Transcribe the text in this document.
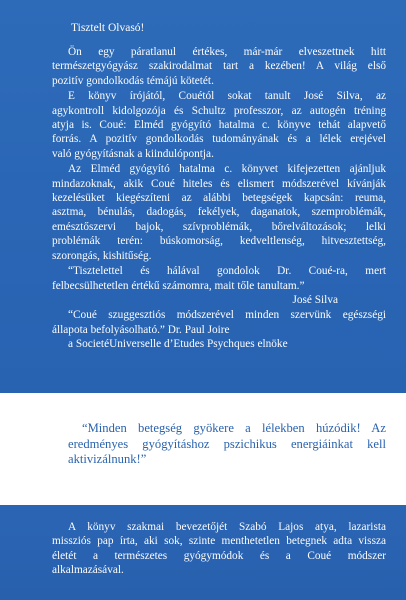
Tisztelt Olvasó!
Ön egy páratlanul értékes, már-már elveszettnek hitt
természetgyógyász szakirodalmat tart a kezében! A világ első
pozitív gondolkodás témájú kötetét.
E könyv írójától, Couétól sokat tanult José Silva, az
agykontroll kidolgozója és Schultz professzor, az autogén tréning
atyja is. Coué: Elméd gyógyító hatalma c. könyve tehát alapvető
forrás. A pozitív gondolkodás tudományának és a lélek erejével
való gyógyításnak a kiindulópontja.
Az Elméd gyógyító hatalma c. könyvet kifejezetten ajánljuk
mindazoknak, akik Coué hiteles és elismert módszerével kívánják
kezelésüket kiegészíteni az alábbi betegségek kapcsán: reuma,
asztma, bénulás, dadogás, fekélyek, daganatok, szemproblémák,
emésztőszervi bajok, szívproblémák, bőrelváltozások; lelki
problémák terén: búskomorság, kedveltlenség, hitvesztettség,
szorongás, kishitűség.
“Tisztelettel és hálával gondolok Dr. Coué-ra, mert
felbecsülhetetlen értékű számomra, mait tőle tanultam.”
José Silva
“Coué szuggesztiós módszerével minden szervünk egészségi
állapota befolyásolható.” Dr. Paul Joire
a SocietéUniverselle d’Etudes Psychques elnöke
“Minden betegség gyökere a lélekben húzódik! Az eredményes gyógyításhoz pszichikus energiáinkat kell aktivizálnunk!”
A könyv szakmai bevezetőjét Szabó Lajos atya, lazarista
missziós pap írta, aki sok, szinte menthetetlen betegnek adta vissza
életét a természetes gyógymódok és a Coué módszer
alkalmazásával.
